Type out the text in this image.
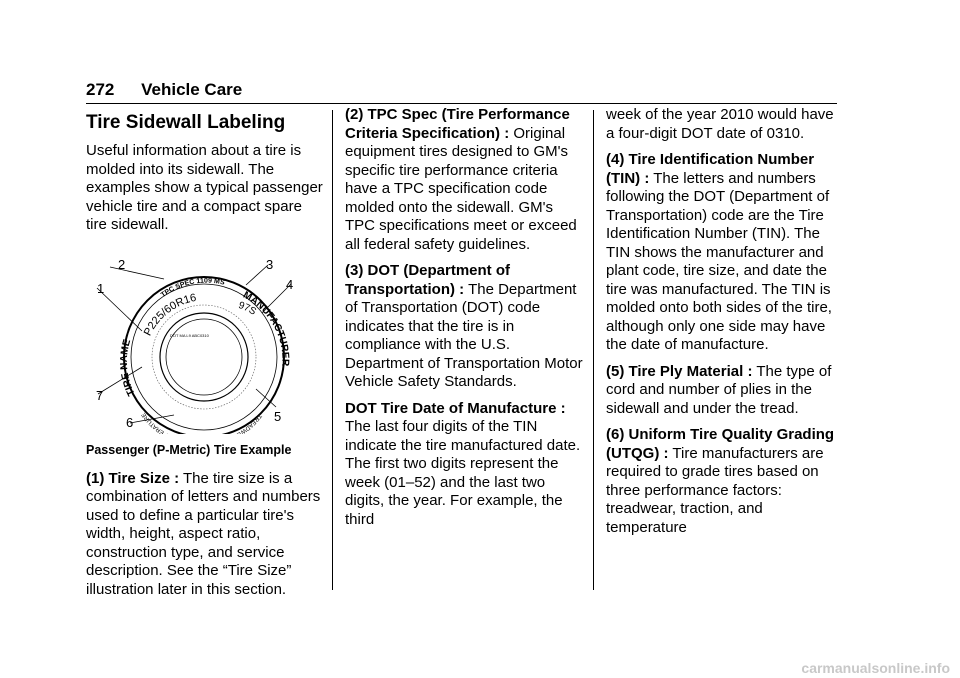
272 Vehicle Care
Tire Sidewall Labeling

Useful information about a tire is molded into its sidewall. The examples show a typical passenger vehicle tire and a compact spare tire sidewall.

TPC SPEC 1109 MS
P225/60R16
97S
TIRE NAME
MANUFACTURER
TREADWE PERATURE
DOT MA L9 ABC0310
1
2	3
4
5
6
7
Passenger (P-Metric) Tire Example

(1) Tire Size : The tire size is a combination of letters and numbers used to define a particular tire's width, height, aspect ratio, construction type, and service description. See the “Tire Size” illustration later in this section.

(2) TPC Spec (Tire Performance Criteria Specification) : Original equipment tires designed to GM's specific tire performance criteria have a TPC specification code molded onto the sidewall. GM's TPC specifications meet or exceed all federal safety guidelines.

(3) DOT (Department of Transportation) : The Department of Transportation (DOT) code indicates that the tire is in compliance with the U.S. Department of Transportation Motor Vehicle Safety Standards.

DOT Tire Date of Manufacture : The last four digits of the TIN indicate the tire manufactured date. The first two digits represent the week (01–52) and the last two digits, the year. For example, the third

week of the year 2010 would have a four-digit DOT date of 0310.

(4) Tire Identification Number (TIN) : The letters and numbers following the DOT (Department of Transportation) code are the Tire Identification Number (TIN). The TIN shows the manufacturer and plant code, tire size, and date the tire was manufactured. The TIN is molded onto both sides of the tire, although only one side may have the date of manufacture.

(5) Tire Ply Material : The type of cord and number of plies in the sidewall and under the tread.

(6) Uniform Tire Quality Grading (UTQG) : Tire manufacturers are required to grade tires based on three performance factors: treadwear, traction, and temperature

carmanualsonline.info
